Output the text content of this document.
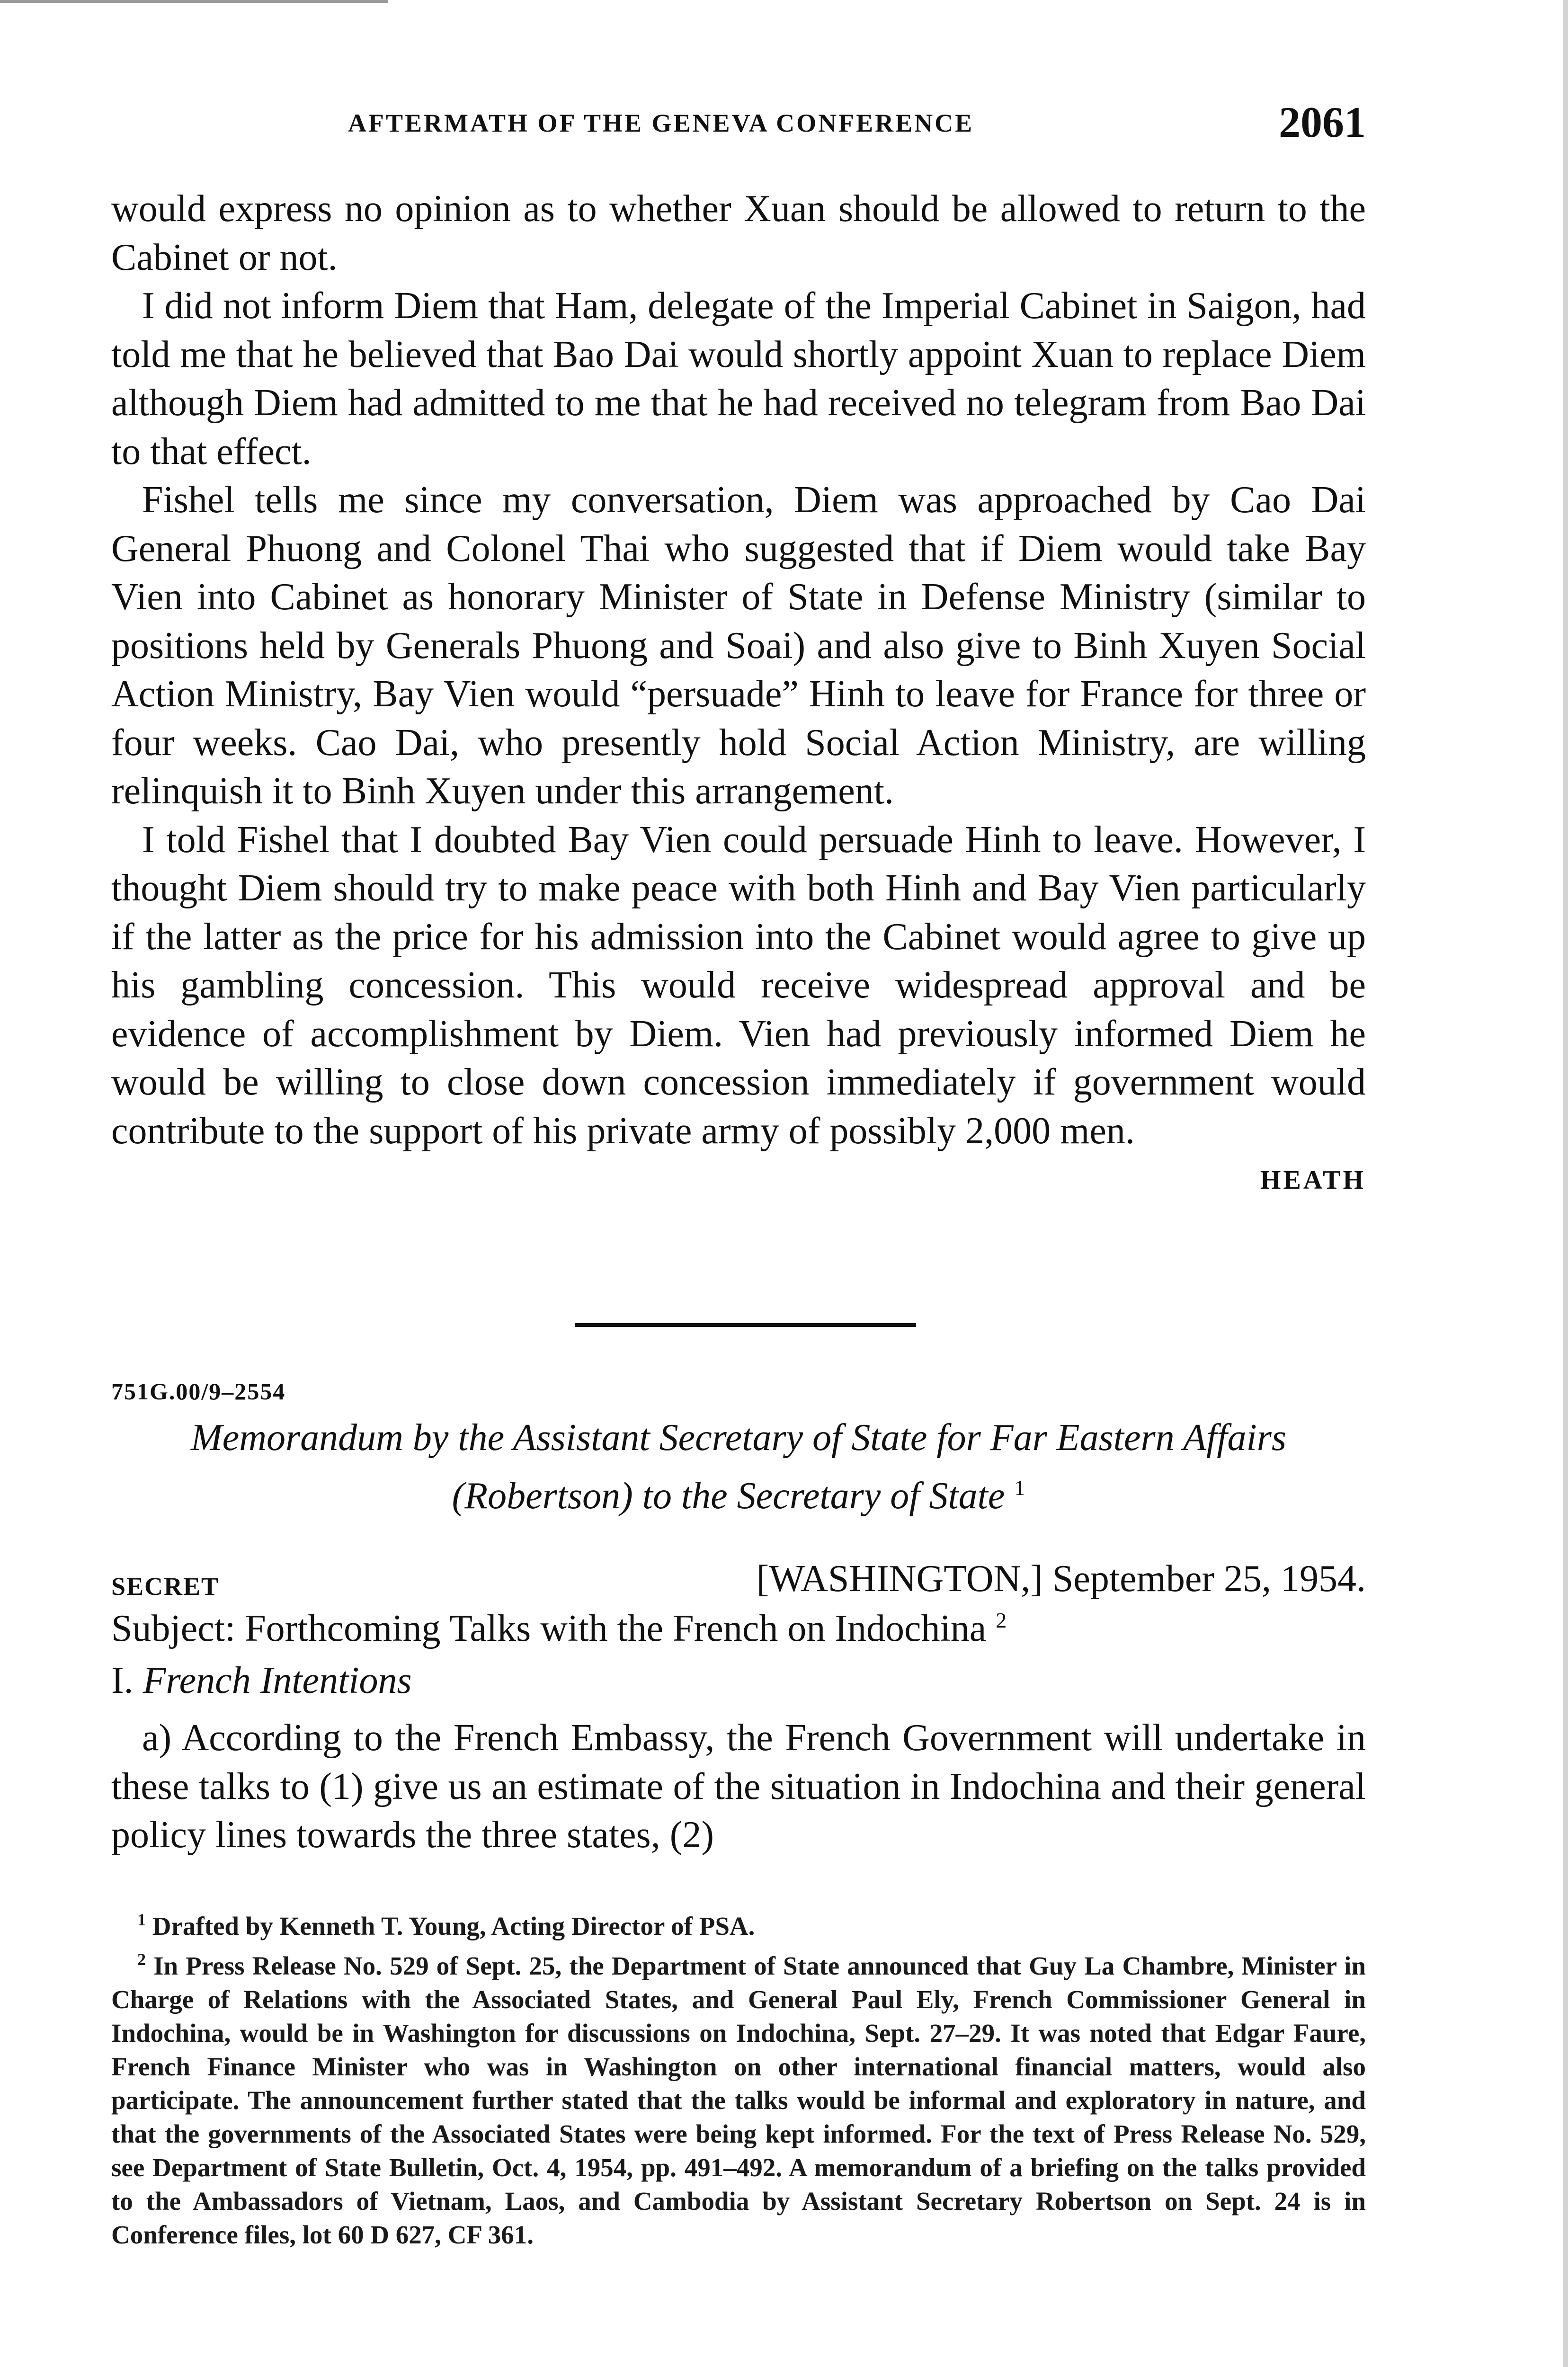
AFTERMATH OF THE GENEVA CONFERENCE	2061

would express no opinion as to whether Xuan should be allowed to return to the Cabinet or not.

I did not inform Diem that Ham, delegate of the Imperial Cabinet in Saigon, had told me that he believed that Bao Dai would shortly appoint Xuan to replace Diem although Diem had admitted to me that he had received no telegram from Bao Dai to that effect.

Fishel tells me since my conversation, Diem was approached by Cao Dai General Phuong and Colonel Thai who suggested that if Diem would take Bay Vien into Cabinet as honorary Minister of State in Defense Ministry (similar to positions held by Generals Phuong and Soai) and also give to Binh Xuyen Social Action Ministry, Bay Vien would “persuade” Hinh to leave for France for three or four weeks. Cao Dai, who presently hold Social Action Ministry, are willing relinquish it to Binh Xuyen under this arrangement.

I told Fishel that I doubted Bay Vien could persuade Hinh to leave. However, I thought Diem should try to make peace with both Hinh and Bay Vien particularly if the latter as the price for his admission into the Cabinet would agree to give up his gambling concession. This would receive widespread approval and be evidence of accomplishment by Diem. Vien had previously informed Diem he would be willing to close down concession immediately if government would contribute to the support of his private army of possibly 2,000 men.

HEATH
751G.00/9–2554
Memorandum by the Assistant Secretary of State for Far Eastern Affairs (Robertson) to the Secretary of State $^1$
SECRET	[WASHINGTON,] September 25, 1954.
Subject: Forthcoming Talks with the French on Indochina $^2$
I. French Intentions

a) According to the French Embassy, the French Government will undertake in these talks to (1) give us an estimate of the situation in Indochina and their general policy lines towards the three states, (2)

$^1$ Drafted by Kenneth T. Young, Acting Director of PSA.

$^2$ In Press Release No. 529 of Sept. 25, the Department of State announced that Guy La Chambre, Minister in Charge of Relations with the Associated States, and General Paul Ely, French Commissioner General in Indochina, would be in Washington for discussions on Indochina, Sept. 27–29. It was noted that Edgar Faure, French Finance Minister who was in Washington on other international financial matters, would also participate. The announcement further stated that the talks would be informal and exploratory in nature, and that the governments of the Associated States were being kept informed. For the text of Press Release No. 529, see Department of State Bulletin, Oct. 4, 1954, pp. 491–492. A memorandum of a briefing on the talks provided to the Ambassadors of Vietnam, Laos, and Cambodia by Assistant Secretary Robertson on Sept. 24 is in Conference files, lot 60 D 627, CF 361.
